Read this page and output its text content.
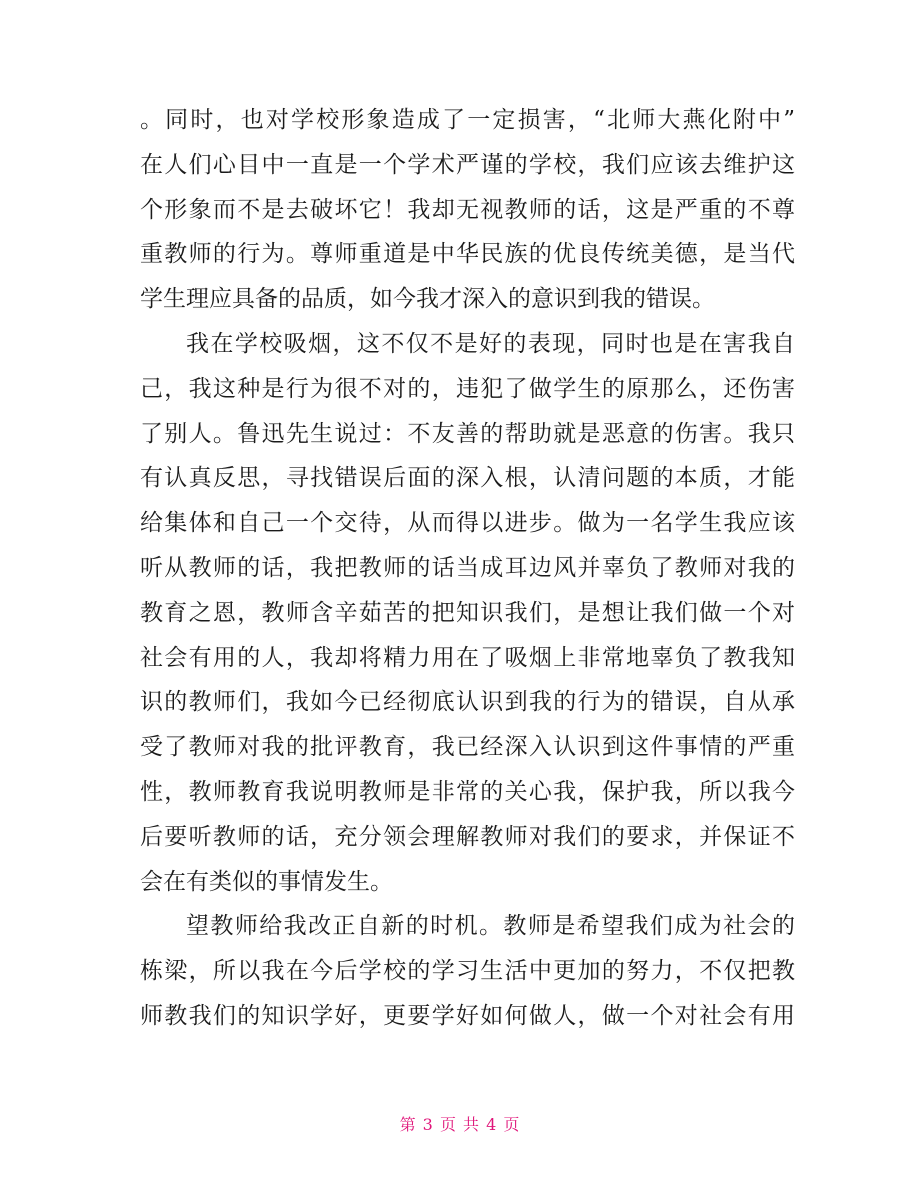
。同时，也对学校形象造成了一定损害，“北师大燕化附中”
在人们心目中一直是一个学术严谨的学校，我们应该去维护这
个形象而不是去破坏它！我却无视教师的话，这是严重的不尊
重教师的行为。尊师重道是中华民族的优良传统美德，是当代
学生理应具备的品质，如今我才深入的意识到我的错误。
我在学校吸烟，这不仅不是好的表现，同时也是在害我自
己，我这种是行为很不对的，违犯了做学生的原那么，还伤害
了别人。鲁迅先生说过：不友善的帮助就是恶意的伤害。我只
有认真反思，寻找错误后面的深入根，认清问题的本质，才能
给集体和自己一个交待，从而得以进步。做为一名学生我应该
听从教师的话，我把教师的话当成耳边风并辜负了教师对我的
教育之恩，教师含辛茹苦的把知识我们，是想让我们做一个对
社会有用的人，我却将精力用在了吸烟上非常地辜负了教我知
识的教师们，我如今已经彻底认识到我的行为的错误，自从承
受了教师对我的批评教育，我已经深入认识到这件事情的严重
性，教师教育我说明教师是非常的关心我，保护我，所以我今
后要听教师的话，充分领会理解教师对我们的要求，并保证不
会在有类似的事情发生。
望教师给我改正自新的时机。教师是希望我们成为社会的
栋梁，所以我在今后学校的学习生活中更加的努力，不仅把教
师教我们的知识学好，更要学好如何做人，做一个对社会有用
第 3 页 共 4 页
